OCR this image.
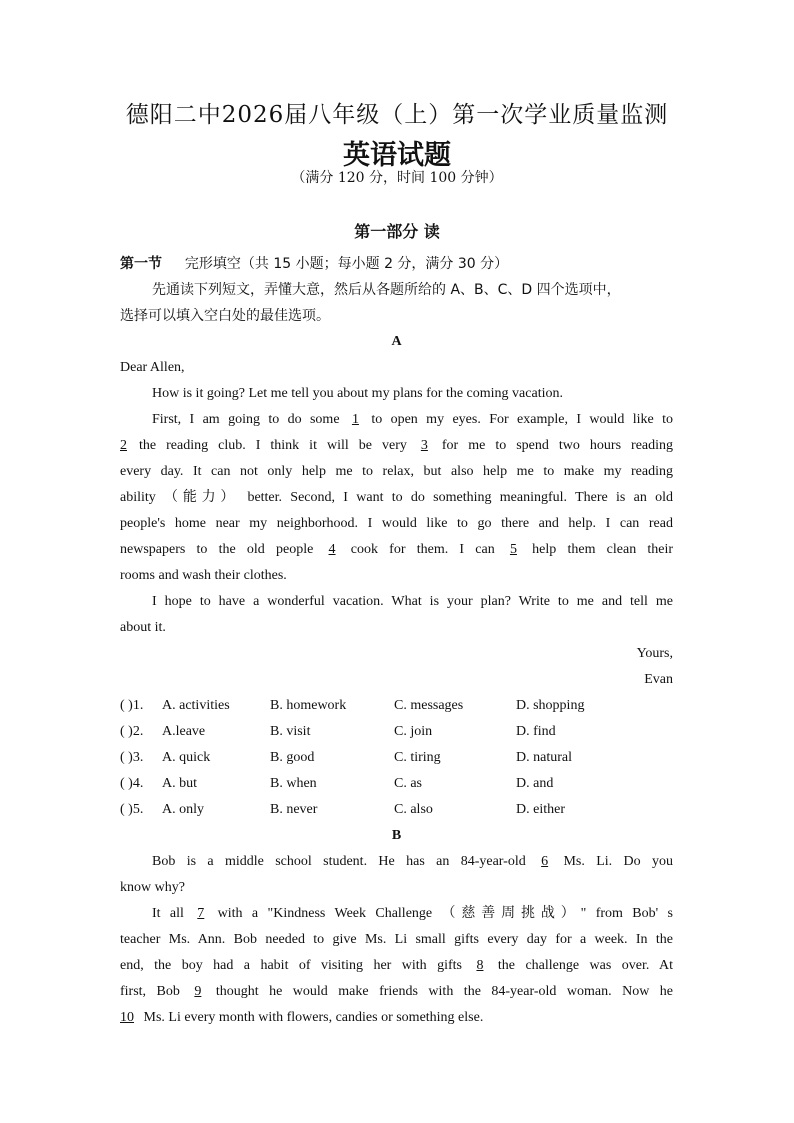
德阳二中2026届八年级（上）第一次学业质量监测
英语试题
（满分 120 分，时间 100 分钟）
第一部分 读
第一节 完形填空（共 15 小题；每小题 2 分，满分 30 分）
先通读下列短文，弄懂大意，然后从各题所给的 A、B、C、D 四个选项中，
选择可以填入空白处的最佳选项。
A
Dear Allen,
How is it going? Let me tell you about my plans for the coming vacation.
First, I am going to do some 1 to open my eyes. For example, I would like to
2 the reading club. I think it will be very 3 for me to spend two hours reading
every day. It can not only help me to relax, but also help me to make my reading
ability （能力） better. Second, I want to do something meaningful. There is an old
people's home near my neighborhood. I would like to go there and help. I can read
newspapers to the old people 4 cook for them. I can 5 help them clean their
rooms and wash their clothes.
I hope to have a wonderful vacation. What is your plan? Write to me and tell me
about it.
Yours,
Evan
( )1. A. activities	B. homework	C. messages	D. shopping
( )2. A.leave	B. visit	C. join	D. find
( )3. A. quick	B. good	C. tiring	D. natural
( )4. A. but	B. when	C. as	D. and
( )5. A. only	B. never	C. also	D. either
B
Bob is a middle school student. He has an 84-year-old 6 Ms. Li. Do you
know why?
It all 7 with a "Kindness Week Challenge （慈善周挑战）" from Bob' s
teacher Ms. Ann. Bob needed to give Ms. Li small gifts every day for a week. In the
end, the boy had a habit of visiting her with gifts 8 the challenge was over. At
first, Bob 9 thought he would make friends with the 84-year-old woman. Now he
10 Ms. Li every month with flowers, candies or something else.
